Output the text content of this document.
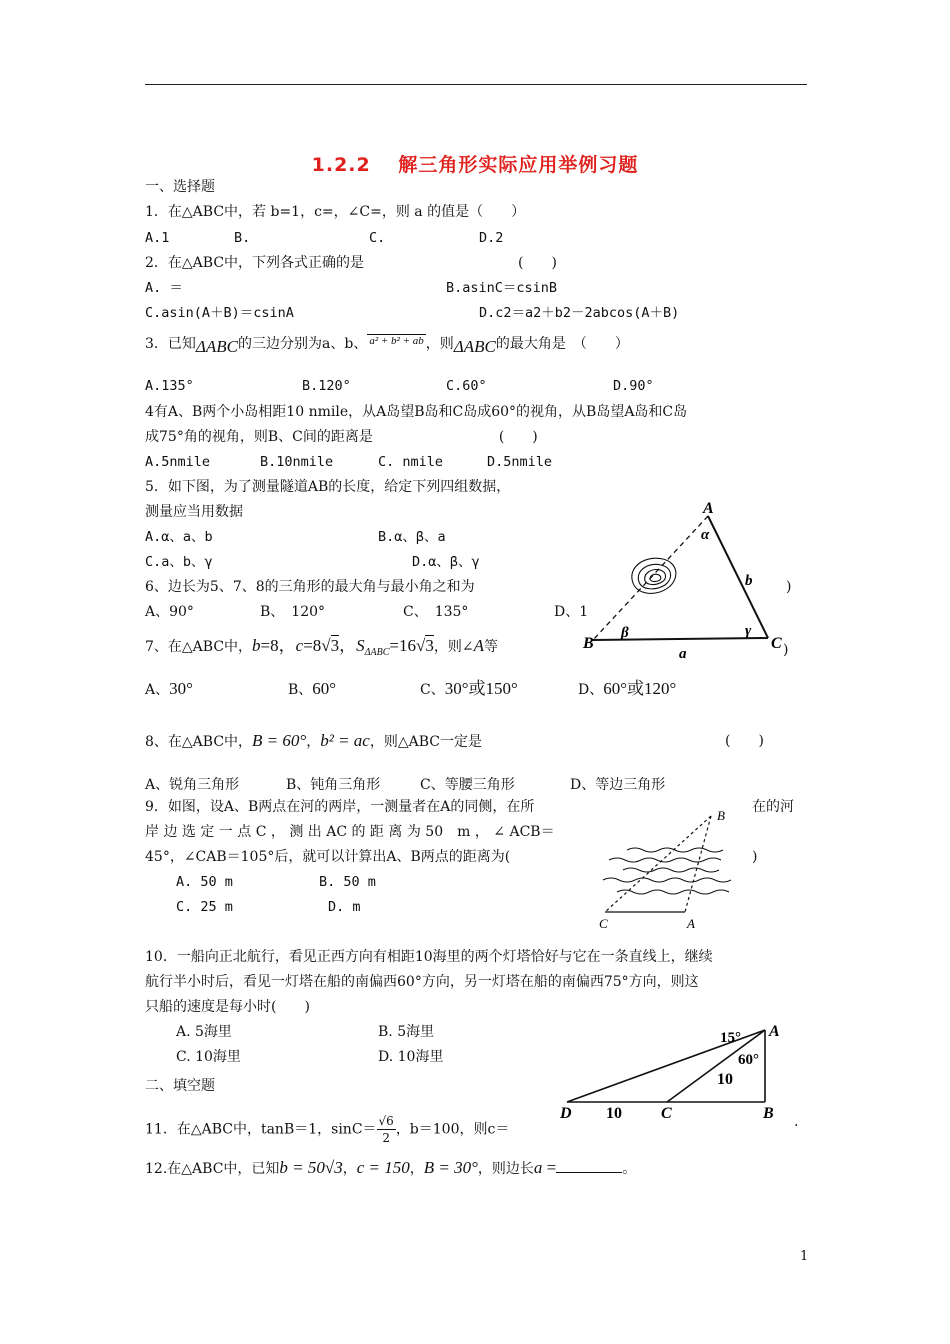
1.2.2　 解三角形实际应用举例习题
一、选择题
1．在△ABC中，若 b=1，c=，∠C=，则 a 的值是（　　）
A.1	B.	C.	D.2
2．在△ABC中，下列各式正确的是　　　　　　　　　　　(　　)
A. ＝	B.asinC＝csinB
C.asin(A＋B)＝csinA	D.c2＝a2＋b2－2abcos(A＋B)
3．已知ΔABC的三边分别为a、b、 $^{a^2 + b^2 + ab}$ ，则ΔABC的最大角是　（　　）
A.135°	B.120°	C.60°	D.90°
4有A、B两个小岛相距10 nmile，从A岛望B岛和C岛成60°的视角，从B岛望A岛和C岛
成75°角的视角，则B、C间的距离是　　　　　　　　　(　　)
A.5nmile	B.10nmile	C. nmile	D.5nmile
5．如下图，为了测量隧道AB的长度，给定下列四组数据，
测量应当用数据
A.α、a、b	B.α、β、a
C.a、b、γ	D.α、β、γ
6、边长为5、7、8的三角形的最大角与最小角之和为	)
A、90°	B、　120°	C、　135°	D、1
A
B	C
α
β	γ
a
b
7、在△ABC中，b=8，c=8√3，$S_{\Delta ABC}=16√3$，则∠A等	)
A、30°	B、60°	C、30°或150°	D、60°或120°
8、在△ABC中，B = 60°，b² = ac，则△ABC一定是	(　　)
A、锐角三角形	B、钝角三角形	C、等腰三角形	D、等边三角形
9．如图，设A、B两点在河的两岸，一测量者在A的同侧，在所	在的河
岸 边 选 定 一 点 C ， 测 出 AC 的 距 离 为 50　m ， ∠ ACB＝
45°，∠CAB＝105°后，就可以计算出A、B两点的距离为(	)
A. 50 m	B. 50 m
C. 25 m	D. m
B
C	A
10．一船向正北航行，看见正西方向有相距10海里的两个灯塔恰好与它在一条直线上，继续
航行半小时后，看见一灯塔在船的南偏西60°方向，另一灯塔在船的南偏西75°方向，则这
只船的速度是每小时(　　)
A. 5海里	B. 5海里
C. 10海里	D. 10海里
A
B
C
D
15°
60°
10
10
二、填空题
11．在△ABC中，tanB＝1，$\sin C= \frac{√6}{2}$ ，b＝100，则c＝	.
12.在△ABC中，已知b = 50√3，c = 150，B = 30°，则边长a =	。
1
